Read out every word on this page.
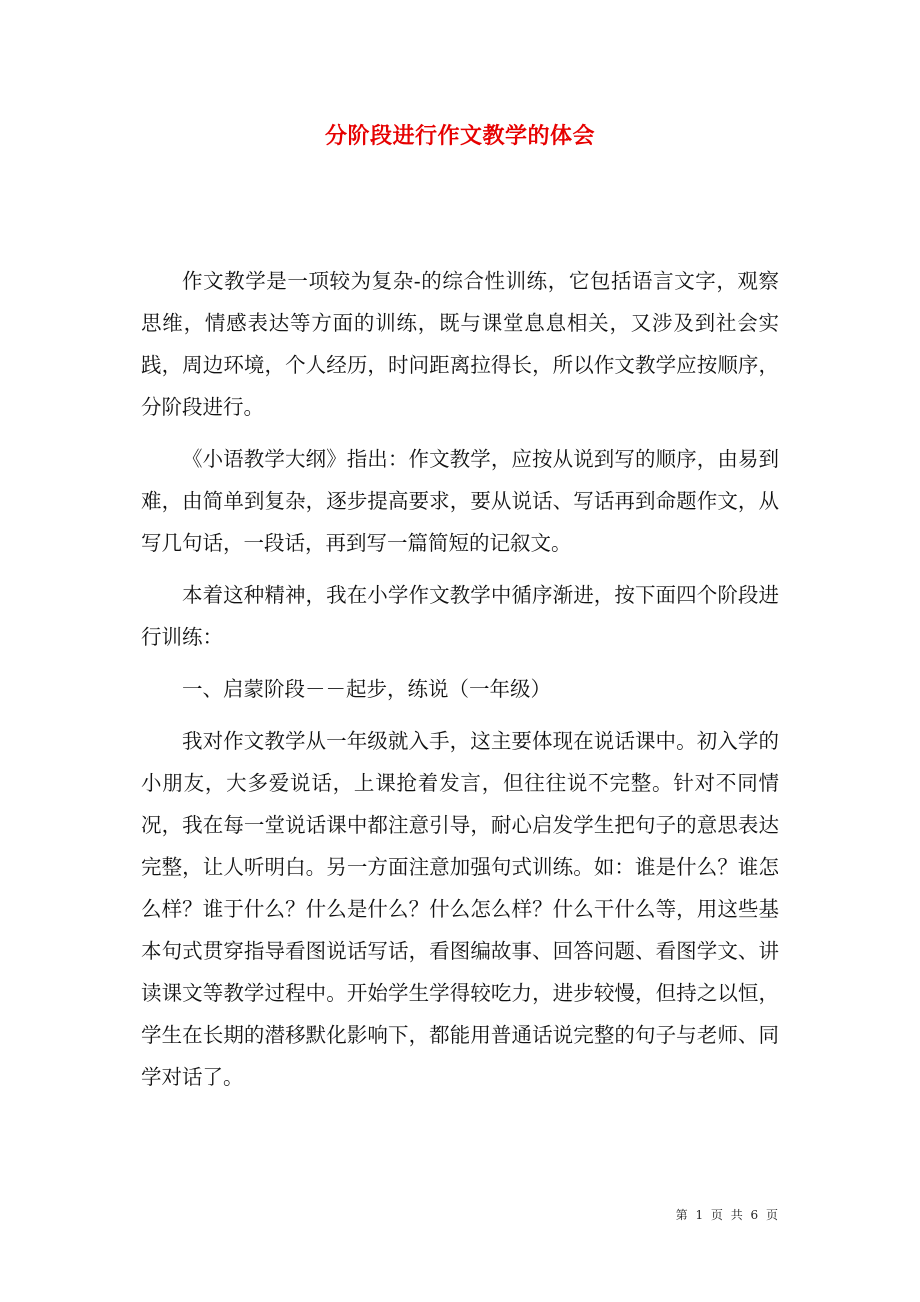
分阶段进行作文教学的体会

作文教学是一项较为复杂-的综合性训练，它包括语言文字，观察思维，情感表达等方面的训练，既与课堂息息相关，又涉及到社会实践，周边环境，个人经历，时问距离拉得长，所以作文教学应按顺序，分阶段进行。

《小语教学大纲》指出：作文教学，应按从说到写的顺序，由易到难，由简单到复杂，逐步提高要求，要从说话、写话再到命题作文，从写几句话，一段话，再到写一篇简短的记叙文。

本着这种精神，我在小学作文教学中循序渐进，按下面四个阶段进行训练：

一、启蒙阶段－－起步，练说（一年级）

我对作文教学从一年级就入手，这主要体现在说话课中。初入学的小朋友，大多爱说话，上课抢着发言，但往往说不完整。针对不同情况，我在每一堂说话课中都注意引导，耐心启发学生把句子的意思表达完整，让人听明白。另一方面注意加强句式训练。如：谁是什么？谁怎么样？谁于什么？什么是什么？什么怎么样？什么干什么等，用这些基本句式贯穿指导看图说话写话，看图编故事、回答问题、看图学文、讲读课文等教学过程中。开始学生学得较吃力，进步较慢，但持之以恒，学生在长期的潜移默化影响下，都能用普通话说完整的句子与老师、同学对话了。

第 1 页 共 6 页
